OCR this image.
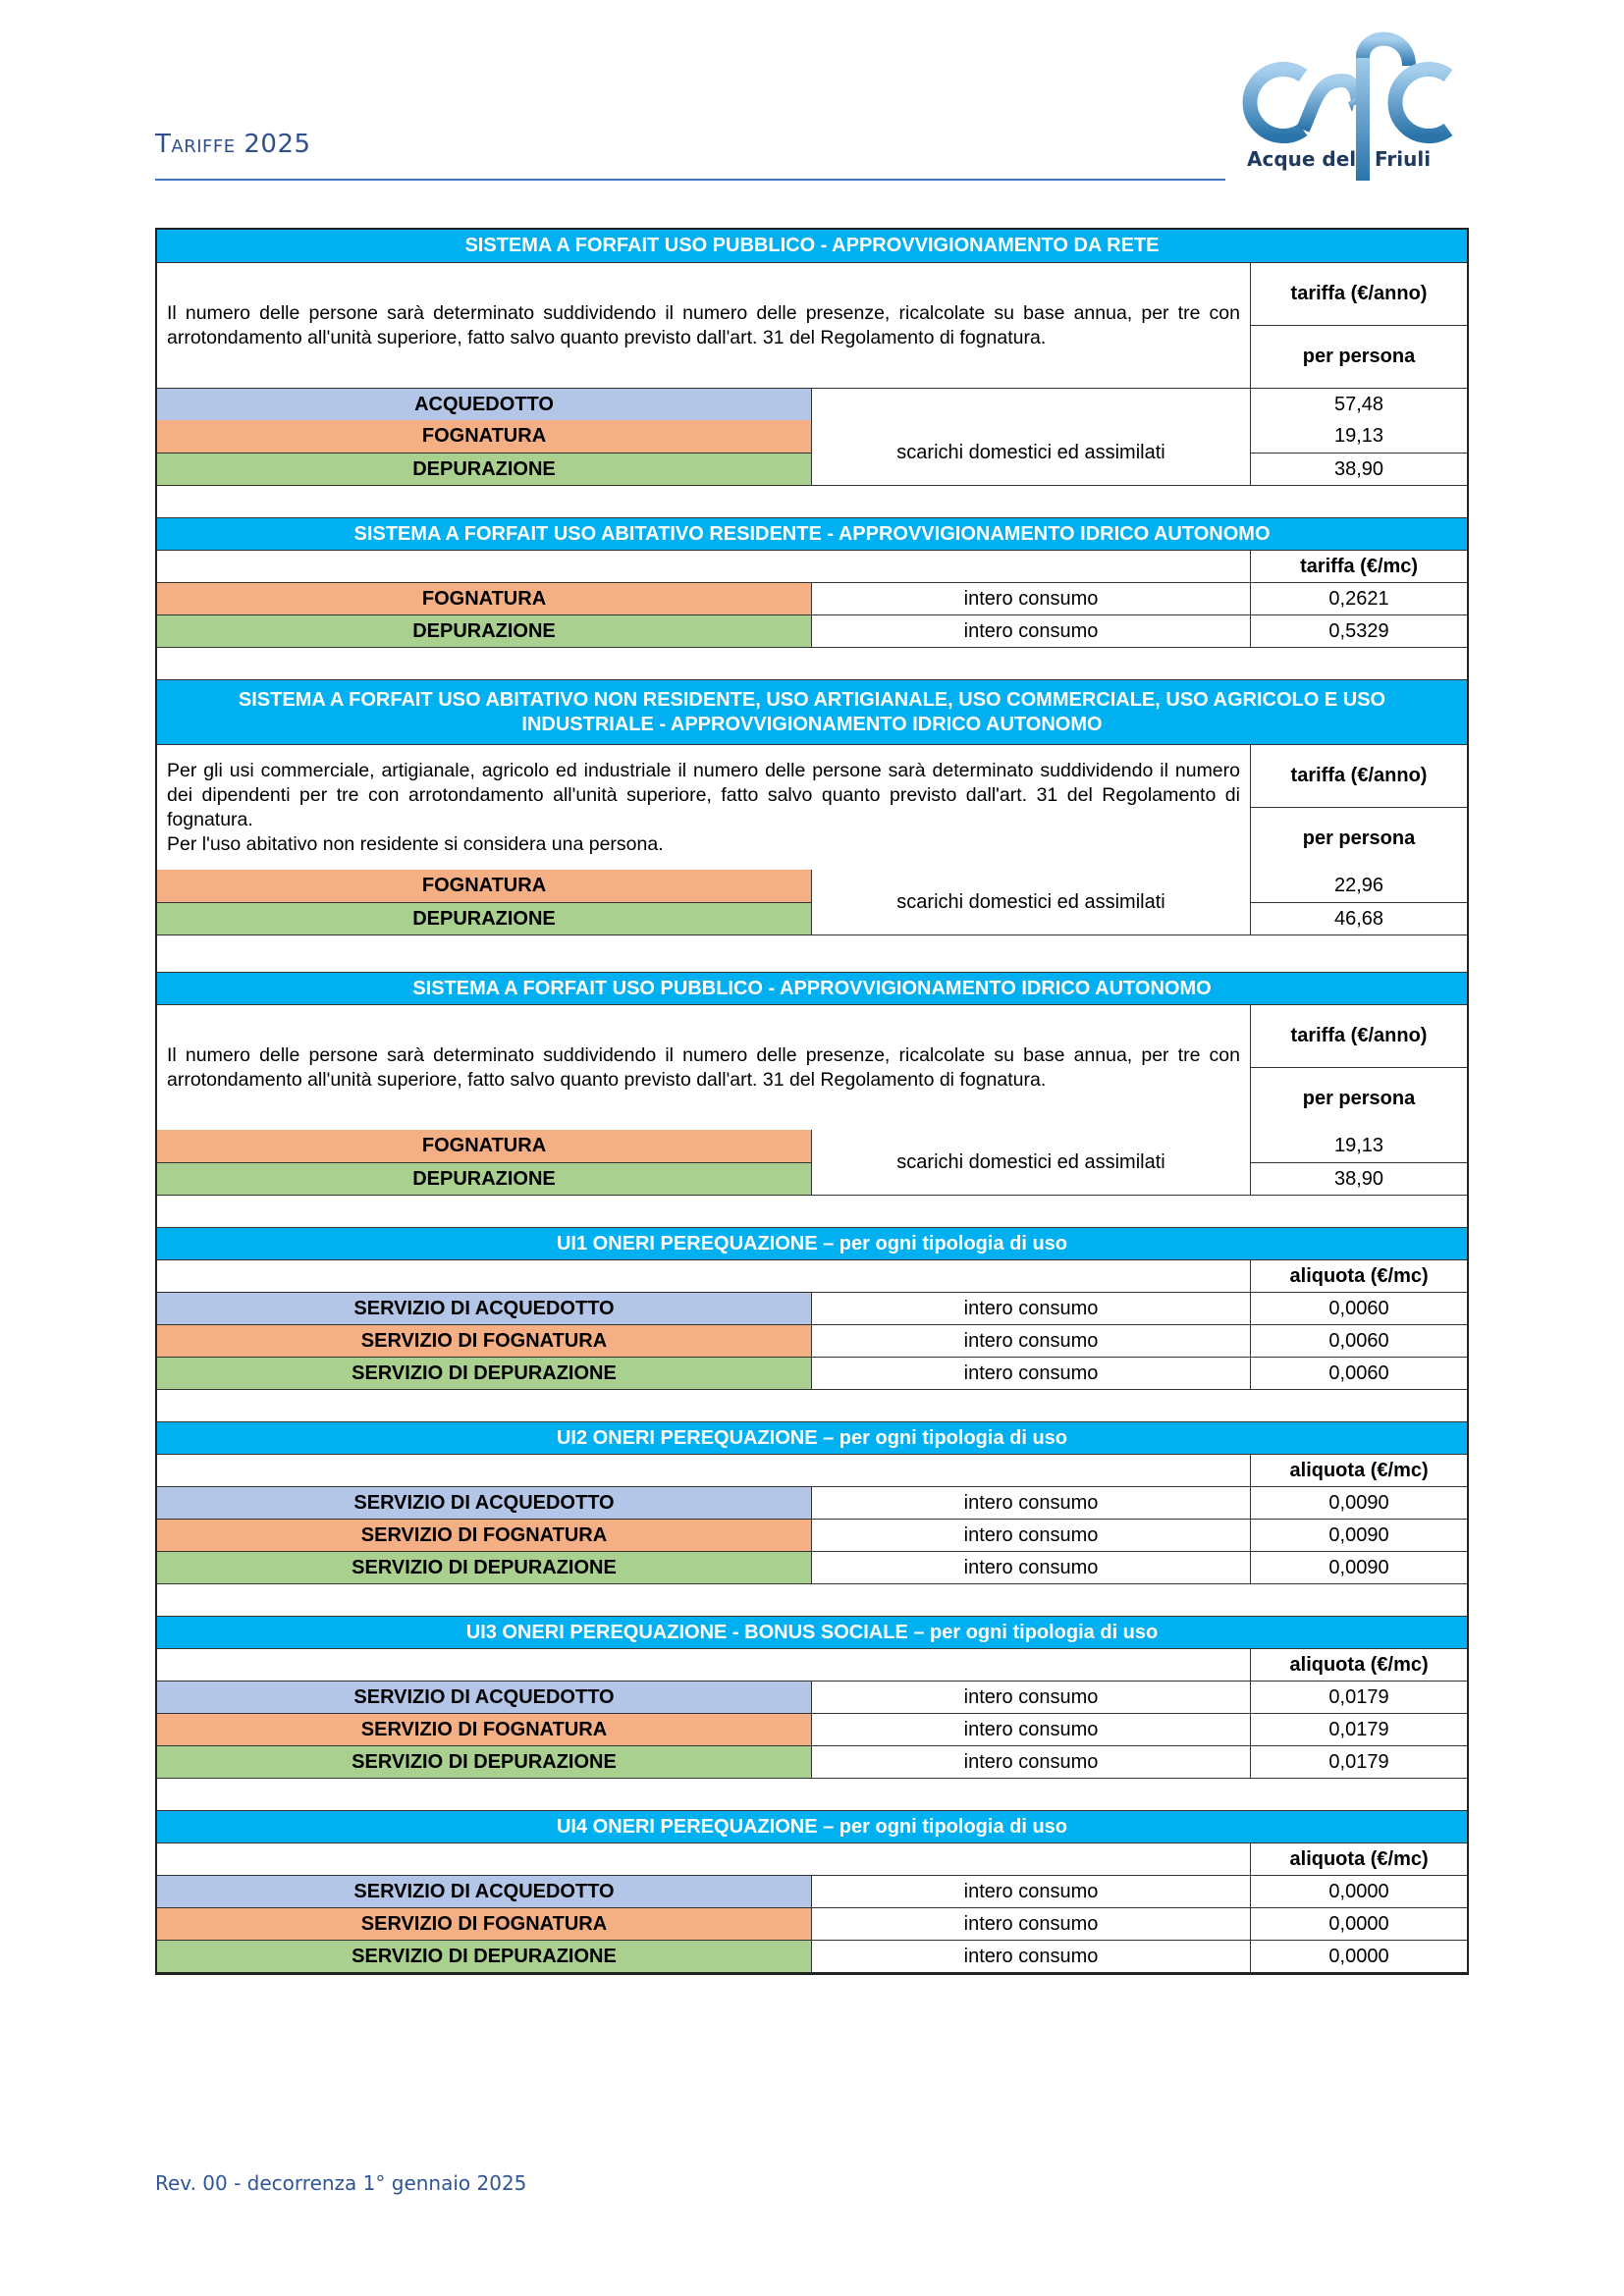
Tariffe 2025	Acque del Friuli
SISTEMA A FORFAIT USO PUBBLICO - APPROVVIGIONAMENTO DA RETE
Il numero delle persone sarà determinato suddividendo il numero delle presenze, ricalcolate su base annua, per tre con arrotondamento all'unità superiore, fatto salvo quanto previsto dall'art. 31 del Regolamento di fognatura.
tariffa (€/anno)
per persona
ACQUEDOTTO	57,48
FOGNATURA	19,13
DEPURAZIONE	38,90
scarichi domestici ed assimilati
SISTEMA A FORFAIT USO ABITATIVO RESIDENTE - APPROVVIGIONAMENTO IDRICO AUTONOMO
tariffa (€/mc)
FOGNATURA	intero consumo	0,2621
DEPURAZIONE	intero consumo	0,5329
SISTEMA A FORFAIT USO ABITATIVO NON RESIDENTE, USO ARTIGIANALE, USO COMMERCIALE, USO AGRICOLO E USO
INDUSTRIALE - APPROVVIGIONAMENTO IDRICO AUTONOMO
Per gli usi commerciale, artigianale, agricolo ed industriale il numero delle persone sarà determinato suddividendo il numero dei dipendenti per tre con arrotondamento all'unità superiore, fatto salvo quanto previsto dall'art. 31 del Regolamento di fognatura.
Per l'uso abitativo non residente si considera una persona.
tariffa (€/anno)
per persona
FOGNATURA	22,96
DEPURAZIONE	46,68
scarichi domestici ed assimilati
SISTEMA A FORFAIT USO PUBBLICO - APPROVVIGIONAMENTO IDRICO AUTONOMO
Il numero delle persone sarà determinato suddividendo il numero delle presenze, ricalcolate su base annua, per tre con arrotondamento all'unità superiore, fatto salvo quanto previsto dall'art. 31 del Regolamento di fognatura.
tariffa (€/anno)
per persona
FOGNATURA	19,13
DEPURAZIONE	38,90
scarichi domestici ed assimilati
UI1 ONERI PEREQUAZIONE – per ogni tipologia di uso
aliquota (€/mc)
SERVIZIO DI ACQUEDOTTO	intero consumo	0,0060
SERVIZIO DI FOGNATURA	intero consumo	0,0060
SERVIZIO DI DEPURAZIONE	intero consumo	0,0060
UI2 ONERI PEREQUAZIONE – per ogni tipologia di uso
aliquota (€/mc)
SERVIZIO DI ACQUEDOTTO	intero consumo	0,0090
SERVIZIO DI FOGNATURA	intero consumo	0,0090
SERVIZIO DI DEPURAZIONE	intero consumo	0,0090
UI3 ONERI PEREQUAZIONE - BONUS SOCIALE – per ogni tipologia di uso
aliquota (€/mc)
SERVIZIO DI ACQUEDOTTO	intero consumo	0,0179
SERVIZIO DI FOGNATURA	intero consumo	0,0179
SERVIZIO DI DEPURAZIONE	intero consumo	0,0179
UI4 ONERI PEREQUAZIONE – per ogni tipologia di uso
aliquota (€/mc)
SERVIZIO DI ACQUEDOTTO	intero consumo	0,0000
SERVIZIO DI FOGNATURA	intero consumo	0,0000
SERVIZIO DI DEPURAZIONE	intero consumo	0,0000
Rev. 00 - decorrenza 1° gennaio 2025
